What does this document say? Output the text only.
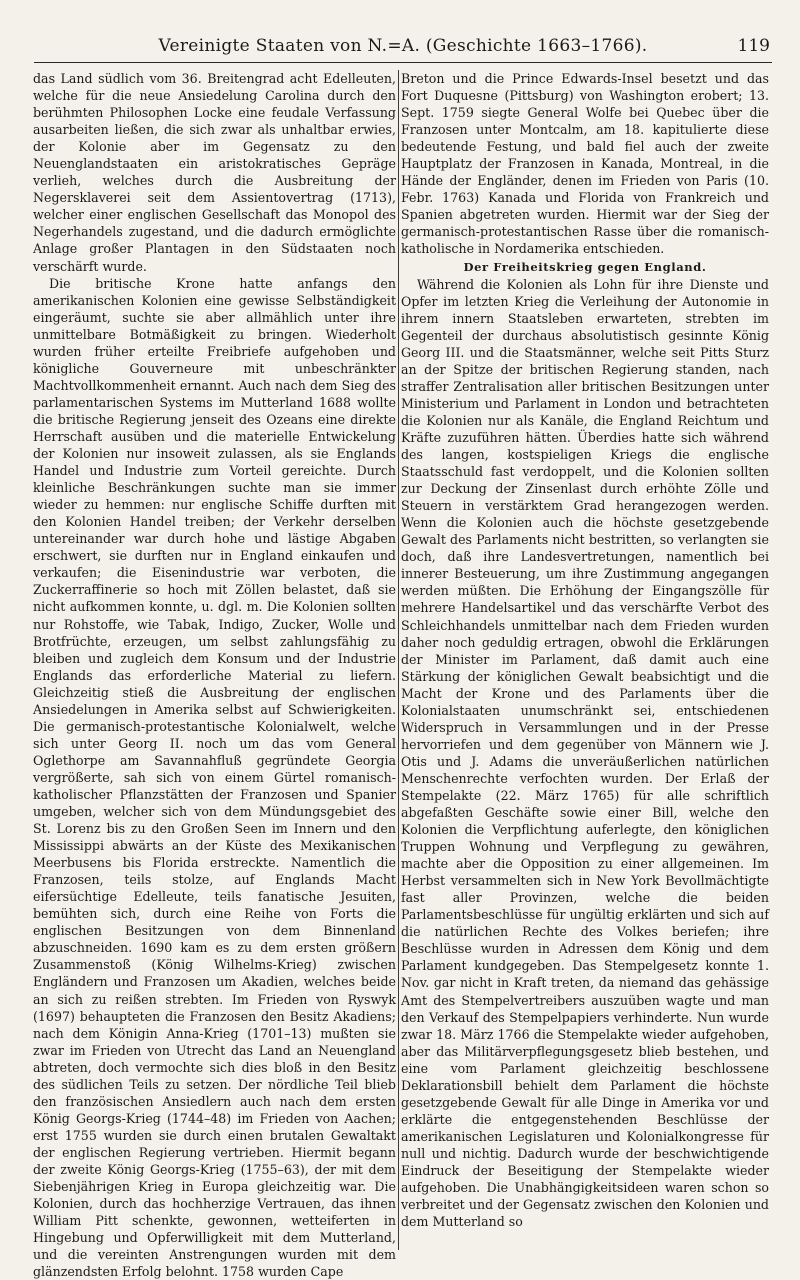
Vereinigte Staaten von N.=A. (Geschichte 1663–1766).	119

das Land südlich vom 36. Breitengrad acht Edelleuten, welche für die neue Ansiedelung Carolina durch den berühmten Philosophen Locke eine feudale Verfassung ausarbeiten ließen, die sich zwar als unhaltbar erwies, der Kolonie aber im Gegensatz zu den Neuenglandstaaten ein aristokratisches Gepräge verlieh, welches durch die Ausbreitung der Negersklaverei seit dem Assientovertrag (1713), welcher einer englischen Gesellschaft das Monopol des Negerhandels zugestand, und die dadurch ermöglichte Anlage großer Plantagen in den Südstaaten noch verschärft wurde.

Die britische Krone hatte anfangs den amerikanischen Kolonien eine gewisse Selbständigkeit eingeräumt, suchte sie aber allmählich unter ihre unmittelbare Botmäßigkeit zu bringen. Wiederholt wurden früher erteilte Freibriefe aufgehoben und königliche Gouverneure mit unbeschränkter Machtvollkommenheit ernannt. Auch nach dem Sieg des parlamentarischen Systems im Mutterland 1688 wollte die britische Regierung jenseit des Ozeans eine direkte Herrschaft ausüben und die materielle Entwickelung der Kolonien nur insoweit zulassen, als sie Englands Handel und Industrie zum Vorteil gereichte. Durch kleinliche Beschränkungen suchte man sie immer wieder zu hemmen: nur englische Schiffe durften mit den Kolonien Handel treiben; der Verkehr derselben untereinander war durch hohe und lästige Abgaben erschwert, sie durften nur in England einkaufen und verkaufen; die Eisenindustrie war verboten, die Zuckerraffinerie so hoch mit Zöllen belastet, daß sie nicht aufkommen konnte, u. dgl. m. Die Kolonien sollten nur Rohstoffe, wie Tabak, Indigo, Zucker, Wolle und Brotfrüchte, erzeugen, um selbst zahlungsfähig zu bleiben und zugleich dem Konsum und der Industrie Englands das erforderliche Material zu liefern. Gleichzeitig stieß die Ausbreitung der englischen Ansiedelungen in Amerika selbst auf Schwierigkeiten. Die germanisch-protestantische Kolonialwelt, welche sich unter Georg II. noch um das vom General Oglethorpe am Savannahfluß gegründete Georgia vergrößerte, sah sich von einem Gürtel romanisch-katholischer Pflanzstätten der Franzosen und Spanier umgeben, welcher sich von dem Mündungsgebiet des St. Lorenz bis zu den Großen Seen im Innern und den Mississippi abwärts an der Küste des Mexikanischen Meerbusens bis Florida erstreckte. Namentlich die Franzosen, teils stolze, auf Englands Macht eifersüchtige Edelleute, teils fanatische Jesuiten, bemühten sich, durch eine Reihe von Forts die englischen Besitzungen von dem Binnenland abzuschneiden. 1690 kam es zu dem ersten größern Zusammenstoß (König Wilhelms-Krieg) zwischen Engländern und Franzosen um Akadien, welches beide an sich zu reißen strebten. Im Frieden von Ryswyk (1697) behaupteten die Franzosen den Besitz Akadiens; nach dem Königin Anna-Krieg (1701–13) mußten sie zwar im Frieden von Utrecht das Land an Neuengland abtreten, doch vermochte sich dies bloß in den Besitz des südlichen Teils zu setzen. Der nördliche Teil blieb den französischen Ansiedlern auch nach dem ersten König Georgs-Krieg (1744–48) im Frieden von Aachen; erst 1755 wurden sie durch einen brutalen Gewaltakt der englischen Regierung vertrieben. Hiermit begann der zweite König Georgs-Krieg (1755–63), der mit dem Siebenjährigen Krieg in Europa gleichzeitig war. Die Kolonien, durch das hochherzige Vertrauen, das ihnen William Pitt schenkte, gewonnen, wetteiferten in Hingebung und Opferwilligkeit mit dem Mutterland, und die vereinten Anstrengungen wurden mit dem glänzendsten Erfolg belohnt. 1758 wurden Cape

Breton und die Prince Edwards-Insel besetzt und das Fort Duquesne (Pittsburg) von Washington erobert; 13. Sept. 1759 siegte General Wolfe bei Quebec über die Franzosen unter Montcalm, am 18. kapitulierte diese bedeutende Festung, und bald fiel auch der zweite Hauptplatz der Franzosen in Kanada, Montreal, in die Hände der Engländer, denen im Frieden von Paris (10. Febr. 1763) Kanada und Florida von Frankreich und Spanien abgetreten wurden. Hiermit war der Sieg der germanisch-protestantischen Rasse über die romanisch-katholische in Nordamerika entschieden.

Der Freiheitskrieg gegen England.

Während die Kolonien als Lohn für ihre Dienste und Opfer im letzten Krieg die Verleihung der Autonomie in ihrem innern Staatsleben erwarteten, strebten im Gegenteil der durchaus absolutistisch gesinnte König Georg III. und die Staatsmänner, welche seit Pitts Sturz an der Spitze der britischen Regierung standen, nach straffer Zentralisation aller britischen Besitzungen unter Ministerium und Parlament in London und betrachteten die Kolonien nur als Kanäle, die England Reichtum und Kräfte zuzuführen hätten. Überdies hatte sich während des langen, kostspieligen Kriegs die englische Staatsschuld fast verdoppelt, und die Kolonien sollten zur Deckung der Zinsenlast durch erhöhte Zölle und Steuern in verstärktem Grad herangezogen werden. Wenn die Kolonien auch die höchste gesetzgebende Gewalt des Parlaments nicht bestritten, so verlangten sie doch, daß ihre Landesvertretungen, namentlich bei innerer Besteuerung, um ihre Zustimmung angegangen werden müßten. Die Erhöhung der Eingangszölle für mehrere Handelsartikel und das verschärfte Verbot des Schleichhandels unmittelbar nach dem Frieden wurden daher noch geduldig ertragen, obwohl die Erklärungen der Minister im Parlament, daß damit auch eine Stärkung der königlichen Gewalt beabsichtigt und die Macht der Krone und des Parlaments über die Kolonialstaaten unumschränkt sei, entschiedenen Widerspruch in Versammlungen und in der Presse hervorriefen und dem gegenüber von Männern wie J. Otis und J. Adams die unveräußerlichen natürlichen Menschenrechte verfochten wurden. Der Erlaß der Stempelakte (22. März 1765) für alle schriftlich abgefaßten Geschäfte sowie einer Bill, welche den Kolonien die Verpflichtung auferlegte, den königlichen Truppen Wohnung und Verpflegung zu gewähren, machte aber die Opposition zu einer allgemeinen. Im Herbst versammelten sich in New York Bevollmächtigte fast aller Provinzen, welche die beiden Parlamentsbeschlüsse für ungültig erklärten und sich auf die natürlichen Rechte des Volkes beriefen; ihre Beschlüsse wurden in Adressen dem König und dem Parlament kundgegeben. Das Stempelgesetz konnte 1. Nov. gar nicht in Kraft treten, da niemand das gehässige Amt des Stempelvertreibers auszuüben wagte und man den Verkauf des Stempelpapiers verhinderte. Nun wurde zwar 18. März 1766 die Stempelakte wieder aufgehoben, aber das Militärverpflegungsgesetz blieb bestehen, und eine vom Parlament gleichzeitig beschlossene Deklarationsbill behielt dem Parlament die höchste gesetzgebende Gewalt für alle Dinge in Amerika vor und erklärte die entgegenstehenden Beschlüsse der amerikanischen Legislaturen und Kolonialkongresse für null und nichtig. Dadurch wurde der beschwichtigende Eindruck der Beseitigung der Stempelakte wieder aufgehoben. Die Unabhängigkeitsideen waren schon so verbreitet und der Gegensatz zwischen den Kolonien und dem Mutterland so
